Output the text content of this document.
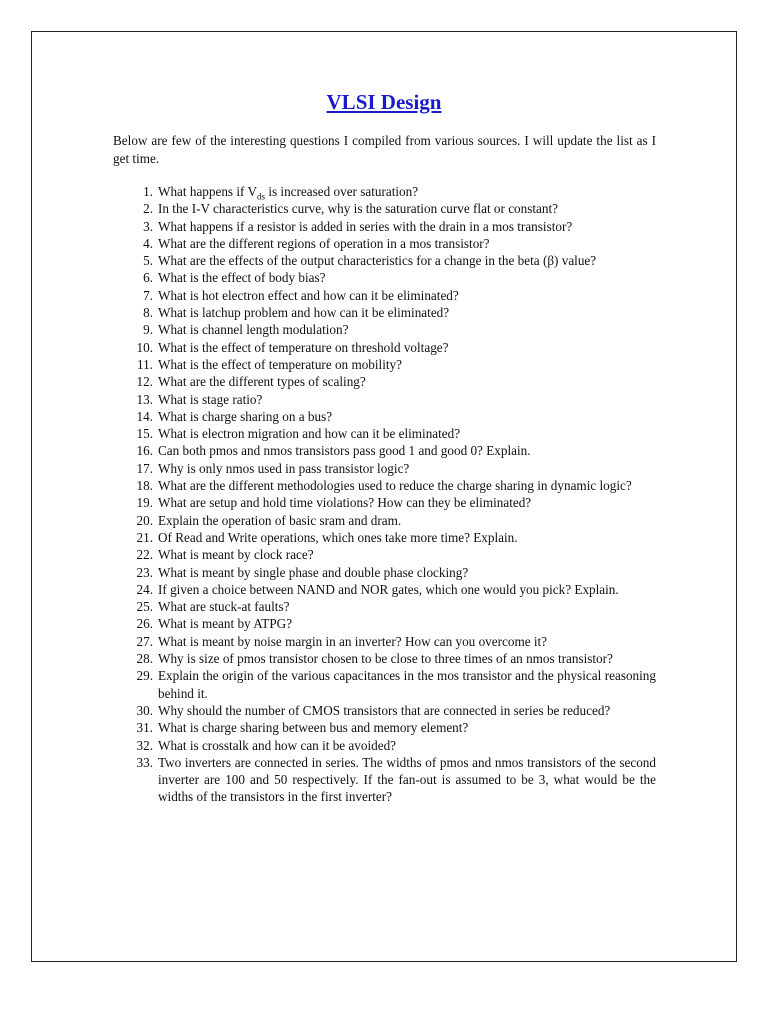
VLSI Design
Below are few of the interesting questions I compiled from various sources. I will update the list as I get time.
1. What happens if $V_{ds}$ is increased over saturation?
2. In the I-V characteristics curve, why is the saturation curve flat or constant?
3. What happens if a resistor is added in series with the drain in a mos transistor?
4. What are the different regions of operation in a mos transistor?
5. What are the effects of the output characteristics for a change in the beta (β) value?
6. What is the effect of body bias?
7. What is hot electron effect and how can it be eliminated?
8. What is latchup problem and how can it be eliminated?
9. What is channel length modulation?
10. What is the effect of temperature on threshold voltage?
11. What is the effect of temperature on mobility?
12. What are the different types of scaling?
13. What is stage ratio?
14. What is charge sharing on a bus?
15. What is electron migration and how can it be eliminated?
16. Can both pmos and nmos transistors pass good 1 and good 0? Explain.
17. Why is only nmos used in pass transistor logic?
18. What are the different methodologies used to reduce the charge sharing in dynamic logic?
19. What are setup and hold time violations? How can they be eliminated?
20. Explain the operation of basic sram and dram.
21. Of Read and Write operations, which ones take more time? Explain.
22. What is meant by clock race?
23. What is meant by single phase and double phase clocking?
24. If given a choice between NAND and NOR gates, which one would you pick? Explain.
25. What are stuck-at faults?
26. What is meant by ATPG?
27. What is meant by noise margin in an inverter? How can you overcome it?
28. Why is size of pmos transistor chosen to be close to three times of an nmos transistor?
29. Explain the origin of the various capacitances in the mos transistor and the physical reasoning behind it.
30. Why should the number of CMOS transistors that are connected in series be reduced?
31. What is charge sharing between bus and memory element?
32. What is crosstalk and how can it be avoided?
33. Two inverters are connected in series. The widths of pmos and nmos transistors of the second inverter are 100 and 50 respectively. If the fan-out is assumed to be 3, what would be the widths of the transistors in the first inverter?
